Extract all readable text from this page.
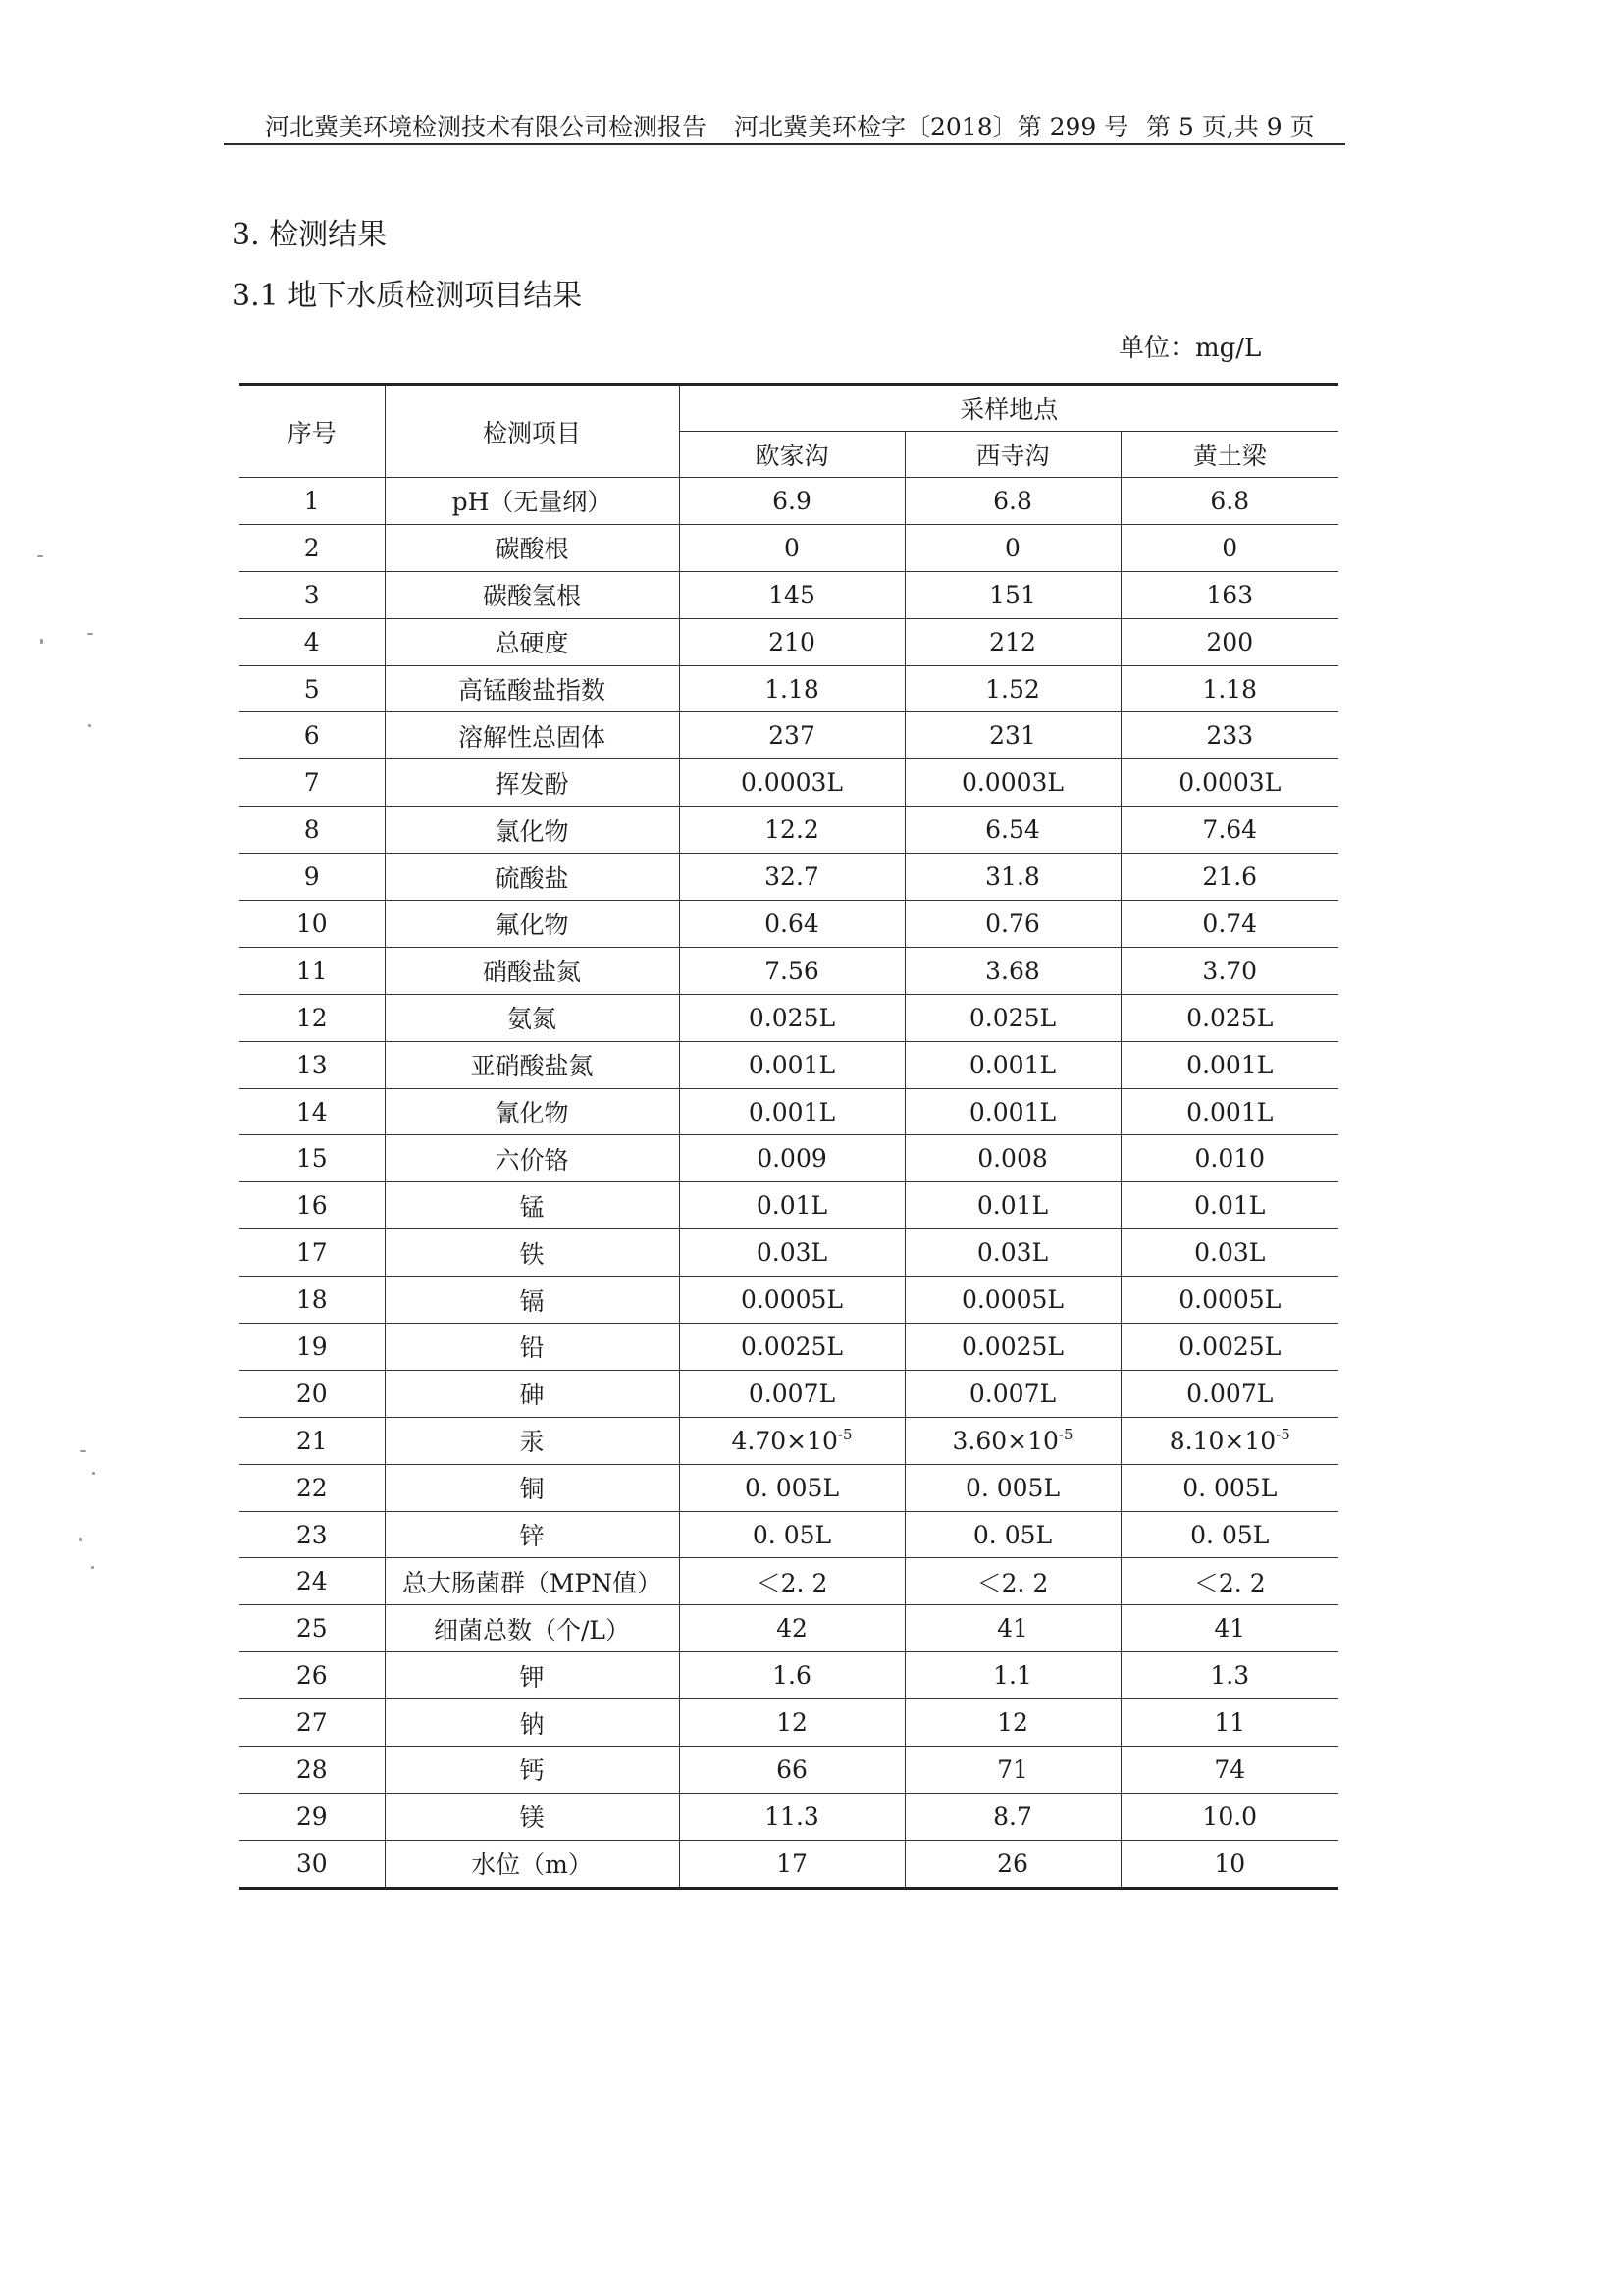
河北冀美环境检测技术有限公司检测报告 河北冀美环检字〔2018〕第 299 号 第 5 页,共 9 页
3. 检测结果
3.1 地下水质检测项目结果
单位：mg/L
序号	检测项目	采样地点		
		欧家沟	西寺沟	黄土梁
1	pH（无量纲）	6.9	6.8	6.8
2	碳酸根	0	0	0
3	碳酸氢根	145	151	163
4	总硬度	210	212	200
5	高锰酸盐指数	1.18	1.52	1.18
6	溶解性总固体	237	231	233
7	挥发酚	0.0003L	0.0003L	0.0003L
8	氯化物	12.2	6.54	7.64
9	硫酸盐	32.7	31.8	21.6
10	氟化物	0.64	0.76	0.74
11	硝酸盐氮	7.56	3.68	3.70
12	氨氮	0.025L	0.025L	0.025L
13	亚硝酸盐氮	0.001L	0.001L	0.001L
14	氰化物	0.001L	0.001L	0.001L
15	六价铬	0.009	0.008	0.010
16	锰	0.01L	0.01L	0.01L
17	铁	0.03L	0.03L	0.03L
18	镉	0.0005L	0.0005L	0.0005L
19	铅	0.0025L	0.0025L	0.0025L
20	砷	0.007L	0.007L	0.007L
21	汞	$4.70\times 10^{-5}$	$3.60\times 10^{-5}$	$8.10\times 10^{-5}$
22	铜	0. 005L	0. 005L	0. 005L
23	锌	0. 05L	0. 05L	0. 05L
24	总大肠菌群（MPN值）	＜2. 2	＜2. 2	＜2. 2
25	细菌总数（个/L）	42	41	41
26	钾	1.6	1.1	1.3
27	钠	12	12	11
28	钙	66	71	74
29	镁	11.3	8.7	10.0
30	水位（m）	17	26	10
